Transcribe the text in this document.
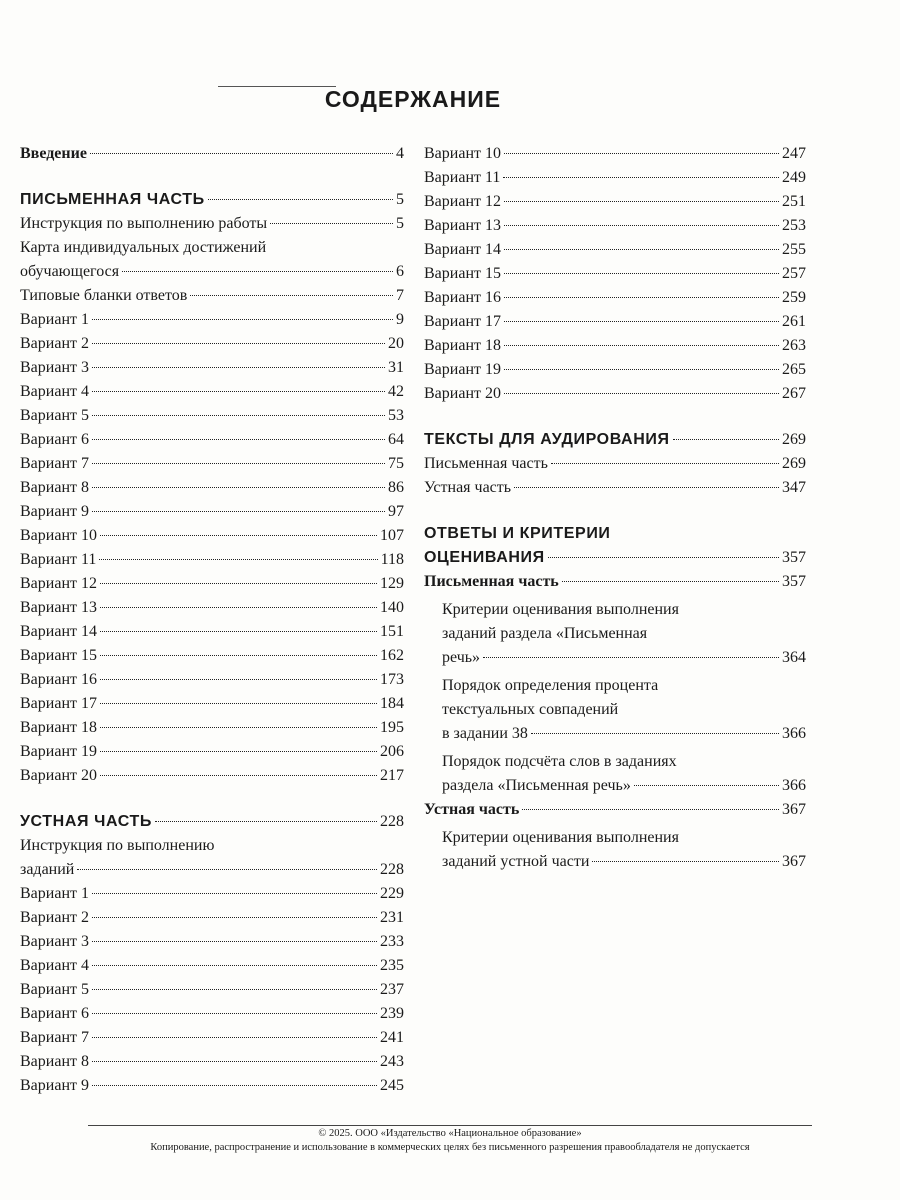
СОДЕРЖАНИЕ
Введение	4
ПИСЬМЕННАЯ ЧАСТЬ	5
Инструкция по выполнению работы	5
Карта индивидуальных достижений
обучающегося	6
Типовые бланки ответов	7
Вариант 1	9
Вариант 2	20
Вариант 3	31
Вариант 4	42
Вариант 5	53
Вариант 6	64
Вариант 7	75
Вариант 8	86
Вариант 9	97
Вариант 10	107
Вариант 11	118
Вариант 12	129
Вариант 13	140
Вариант 14	151
Вариант 15	162
Вариант 16	173
Вариант 17	184
Вариант 18	195
Вариант 19	206
Вариант 20	217
УСТНАЯ ЧАСТЬ	228
Инструкция по выполнению
заданий	228
Вариант 1	229
Вариант 2	231
Вариант 3	233
Вариант 4	235
Вариант 5	237
Вариант 6	239
Вариант 7	241
Вариант 8	243
Вариант 9	245
Вариант 10	247
Вариант 11	249
Вариант 12	251
Вариант 13	253
Вариант 14	255
Вариант 15	257
Вариант 16	259
Вариант 17	261
Вариант 18	263
Вариант 19	265
Вариант 20	267
ТЕКСТЫ ДЛЯ АУДИРОВАНИЯ	269
Письменная часть	269
Устная часть	347
ОТВЕТЫ И КРИТЕРИИ
ОЦЕНИВАНИЯ	357
Письменная часть	357
Критерии оценивания выполнения
заданий раздела «Письменная
речь»	364
Порядок определения процента
текстуальных совпадений
в задании 38	366
Порядок подсчёта слов в заданиях
раздела «Письменная речь»	366
Устная часть	367
Критерии оценивания выполнения
заданий устной части	367
© 2025. ООО «Издательство «Национальное образование»
Копирование, распространение и использование в коммерческих целях без письменного разрешения правообладателя не допускается
